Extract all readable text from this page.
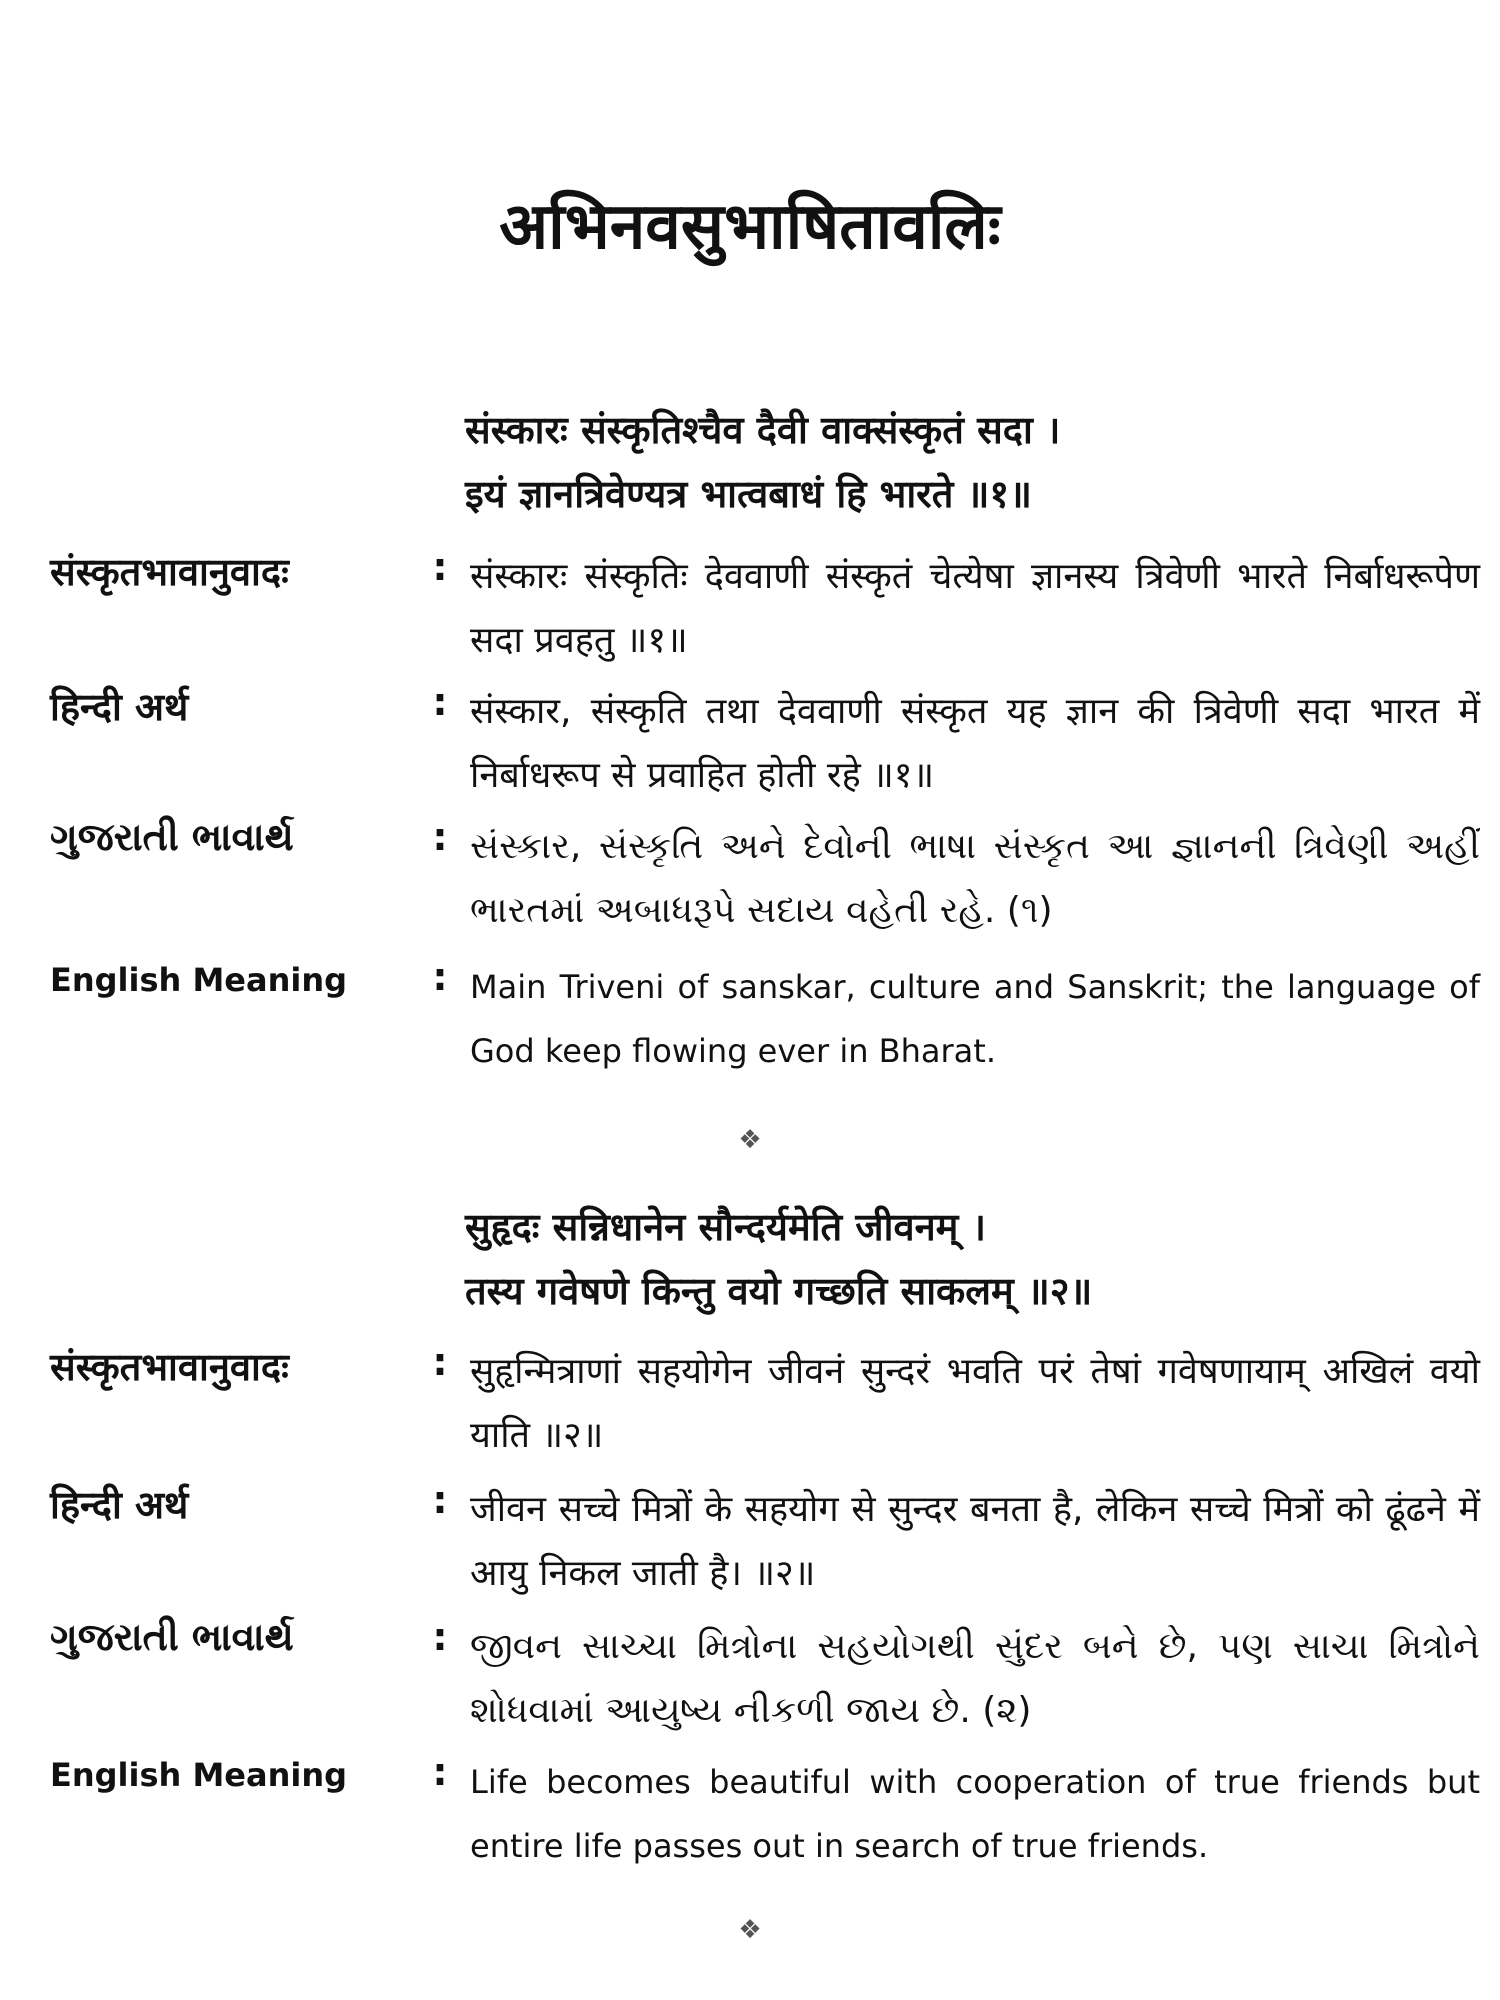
अभिनवसुभाषितावलिः
संस्कारः संस्कृतिश्चैव दैवी वाक्संस्कृतं सदा ।
इयं ज्ञानत्रिवेण्यत्र भात्वबाधं हि भारते ॥१॥
संस्कृतभावानुवादः	: संस्कारः संस्कृतिः देववाणी संस्कृतं चेत्येषा ज्ञानस्य त्रिवेणी भारते निर्बाधरूपेण सदा प्रवहतु ॥१॥
हिन्दी अर्थ	: संस्कार, संस्कृति तथा देववाणी संस्कृत यह ज्ञान की त्रिवेणी सदा भारत में निर्बाधरूप से प्रवाहित होती रहे ॥१॥
ગુજરાતી ભાવાર્થ	: સંસ્કાર, સંસ્કૃતિ અને દેવોની ભાષા સંસ્કૃત આ જ્ઞાનની ત્રિવેણી અહીં ભારતમાં અબાધરૂપે સદાય વહેતી રહે. (૧)
English Meaning	: Main Triveni of sanskar, culture and Sanskrit; the language of God keep flowing ever in Bharat.
❖
सुहृदः सन्निधानेन सौन्दर्यमेति जीवनम् ।
तस्य गवेषणे किन्तु वयो गच्छति साकलम् ॥२॥
संस्कृतभावानुवादः	: सुहृन्मित्राणां सहयोगेन जीवनं सुन्दरं भवति परं तेषां गवेषणायाम् अखिलं वयो याति ॥२॥
हिन्दी अर्थ	: जीवन सच्चे मित्रों के सहयोग से सुन्दर बनता है, लेकिन सच्चे मित्रों को ढूंढने में आयु निकल जाती है। ॥२॥
ગુજરાતી ભાવાર્થ	: જીવન સાચ્ચા મિત્રોના સહયોગથી સુંદર બને છે, પણ સાચા મિત્રોને શોધવામાં આયુષ્ય નીકળી જાય છે. (૨)
English Meaning	: Life becomes beautiful with cooperation of true friends but entire life passes out in search of true friends.
❖
